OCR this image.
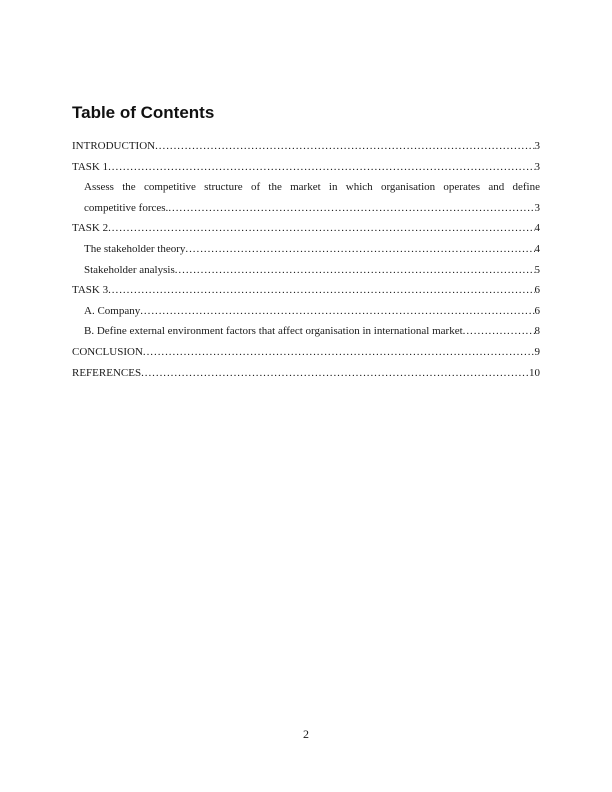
Table of Contents
INTRODUCTION . . .	3
TASK 1 . . .	3
Assess the competitive structure of the market in which organisation operates and define
competitive forces. . . .	3
TASK 2 . . .	4
The stakeholder theory . . .	4
Stakeholder analysis . . .	5
TASK 3 . . .	6
A. Company . . .	6
B. Define external environment factors that affect organisation in international market . . .	8
CONCLUSION . . .	9
REFERENCES . . .	10
2
